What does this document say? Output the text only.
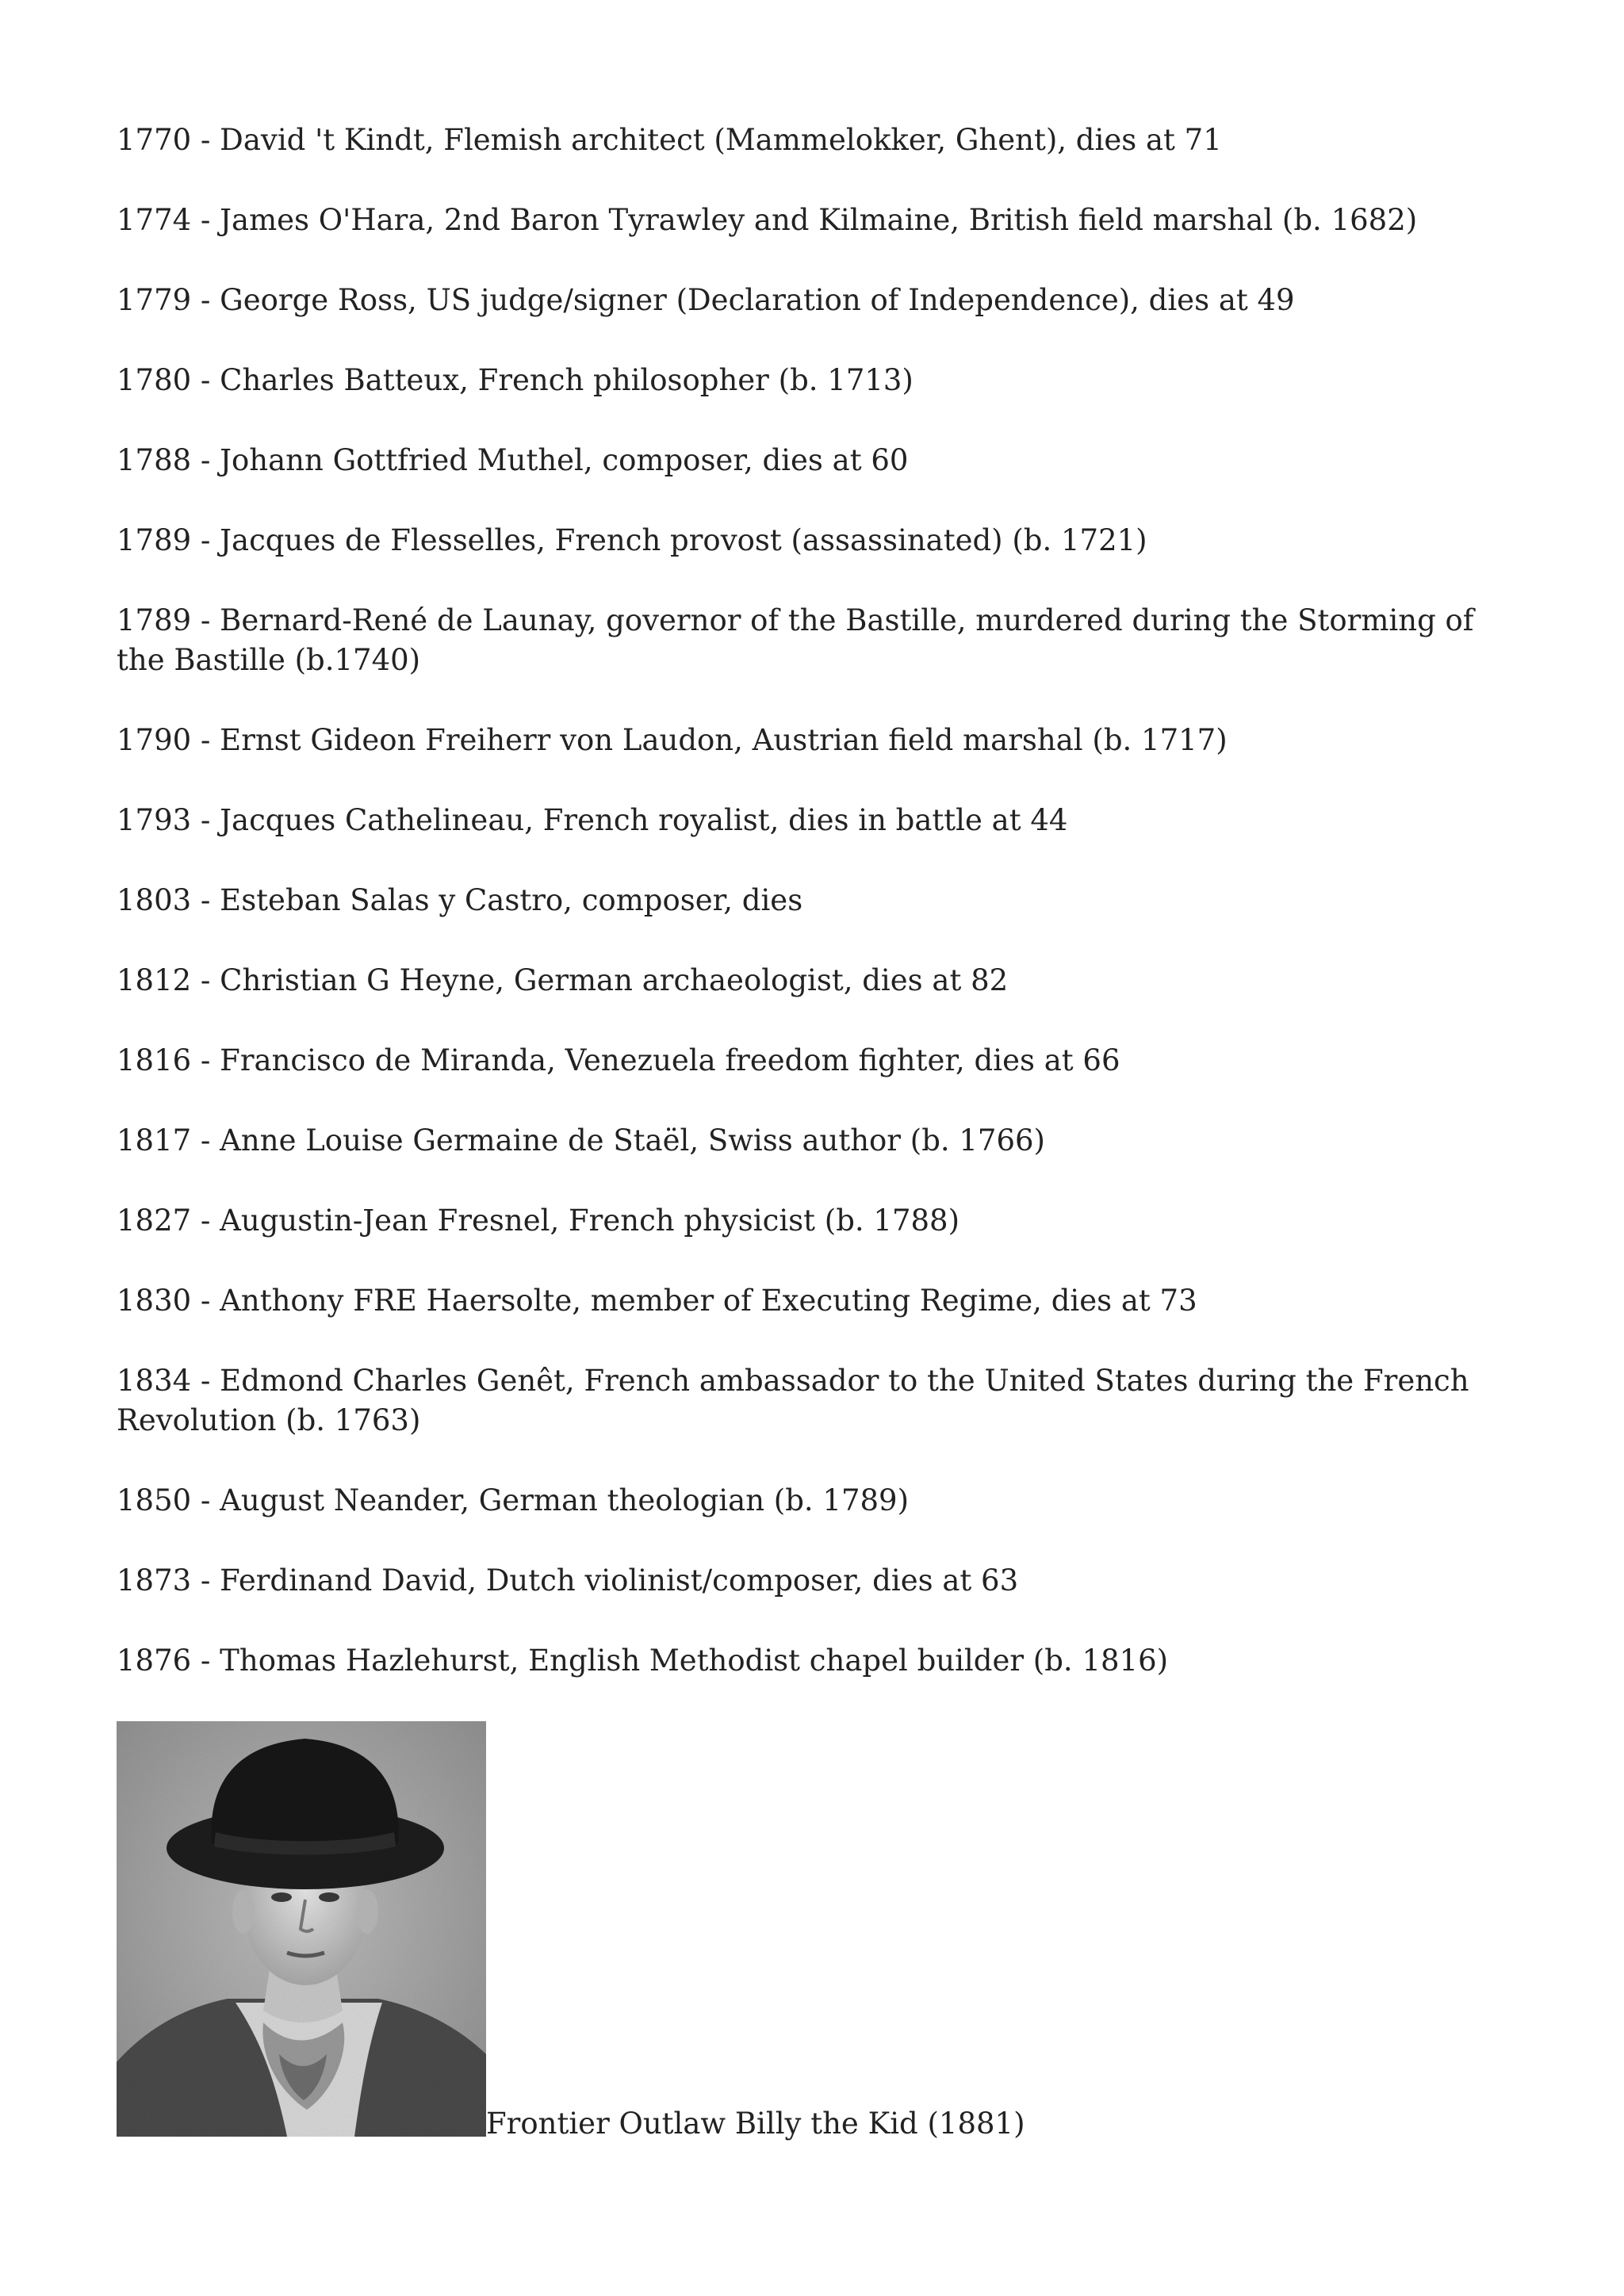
1770 - David 't Kindt, Flemish architect (Mammelokker, Ghent), dies at 71

1774 - James O'Hara, 2nd Baron Tyrawley and Kilmaine, British field marshal (b. 1682)

1779 - George Ross, US judge/signer (Declaration of Independence), dies at 49

1780 - Charles Batteux, French philosopher (b. 1713)

1788 - Johann Gottfried Muthel, composer, dies at 60

1789 - Jacques de Flesselles, French provost (assassinated) (b. 1721)

1789 - Bernard-René de Launay, governor of the Bastille, murdered during the Storming of the Bastille (b.1740)

1790 - Ernst Gideon Freiherr von Laudon, Austrian field marshal (b. 1717)

1793 - Jacques Cathelineau, French royalist, dies in battle at 44

1803 - Esteban Salas y Castro, composer, dies

1812 - Christian G Heyne, German archaeologist, dies at 82

1816 - Francisco de Miranda, Venezuela freedom fighter, dies at 66

1817 - Anne Louise Germaine de Staël, Swiss author (b. 1766)

1827 - Augustin-Jean Fresnel, French physicist (b. 1788)

1830 - Anthony FRE Haersolte, member of Executing Regime, dies at 73

1834 - Edmond Charles Genêt, French ambassador to the United States during the French Revolution (b. 1763)

1850 - August Neander, German theologian (b. 1789)

1873 - Ferdinand David, Dutch violinist/composer, dies at 63

1876 - Thomas Hazlehurst, English Methodist chapel builder (b. 1816)

Frontier Outlaw Billy the Kid (1881)
